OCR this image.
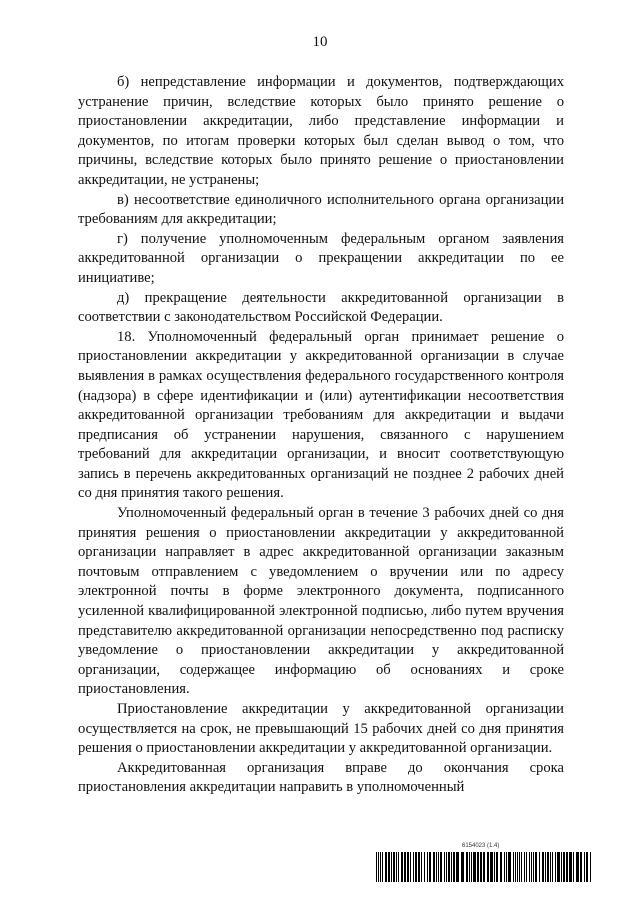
10

б) непредставление информации и документов, подтверждающих устранение причин, вследствие которых было принято решение о приостановлении аккредитации, либо представление информации и документов, по итогам проверки которых был сделан вывод о том, что причины, вследствие которых было принято решение о приостановлении аккредитации, не устранены;

в) несоответствие единоличного исполнительного органа организации требованиям для аккредитации;

г) получение уполномоченным федеральным органом заявления аккредитованной организации о прекращении аккредитации по ее инициативе;

д) прекращение деятельности аккредитованной организации в соответствии с законодательством Российской Федерации.

18. Уполномоченный федеральный орган принимает решение о приостановлении аккредитации у аккредитованной организации в случае выявления в рамках осуществления федерального государственного контроля (надзора) в сфере идентификации и (или) аутентификации несоответствия аккредитованной организации требованиям для аккредитации и выдачи предписания об устранении нарушения, связанного с нарушением требований для аккредитации организации, и вносит соответствующую запись в перечень аккредитованных организаций не позднее 2 рабочих дней со дня принятия такого решения.

Уполномоченный федеральный орган в течение 3 рабочих дней со дня принятия решения о приостановлении аккредитации у аккредитованной организации направляет в адрес аккредитованной организации заказным почтовым отправлением с уведомлением о вручении или по адресу электронной почты в форме электронного документа, подписанного усиленной квалифицированной электронной подписью, либо путем вручения представителю аккредитованной организации непосредственно под расписку уведомление о приостановлении аккредитации у аккредитованной организации, содержащее информацию об основаниях и сроке приостановления.

Приостановление аккредитации у аккредитованной организации осуществляется на срок, не превышающий 15 рабочих дней со дня принятия решения о приостановлении аккредитации у аккредитованной организации.

Аккредитованная организация вправе до окончания срока приостановления аккредитации направить в уполномоченный

6154023 (1.4)
